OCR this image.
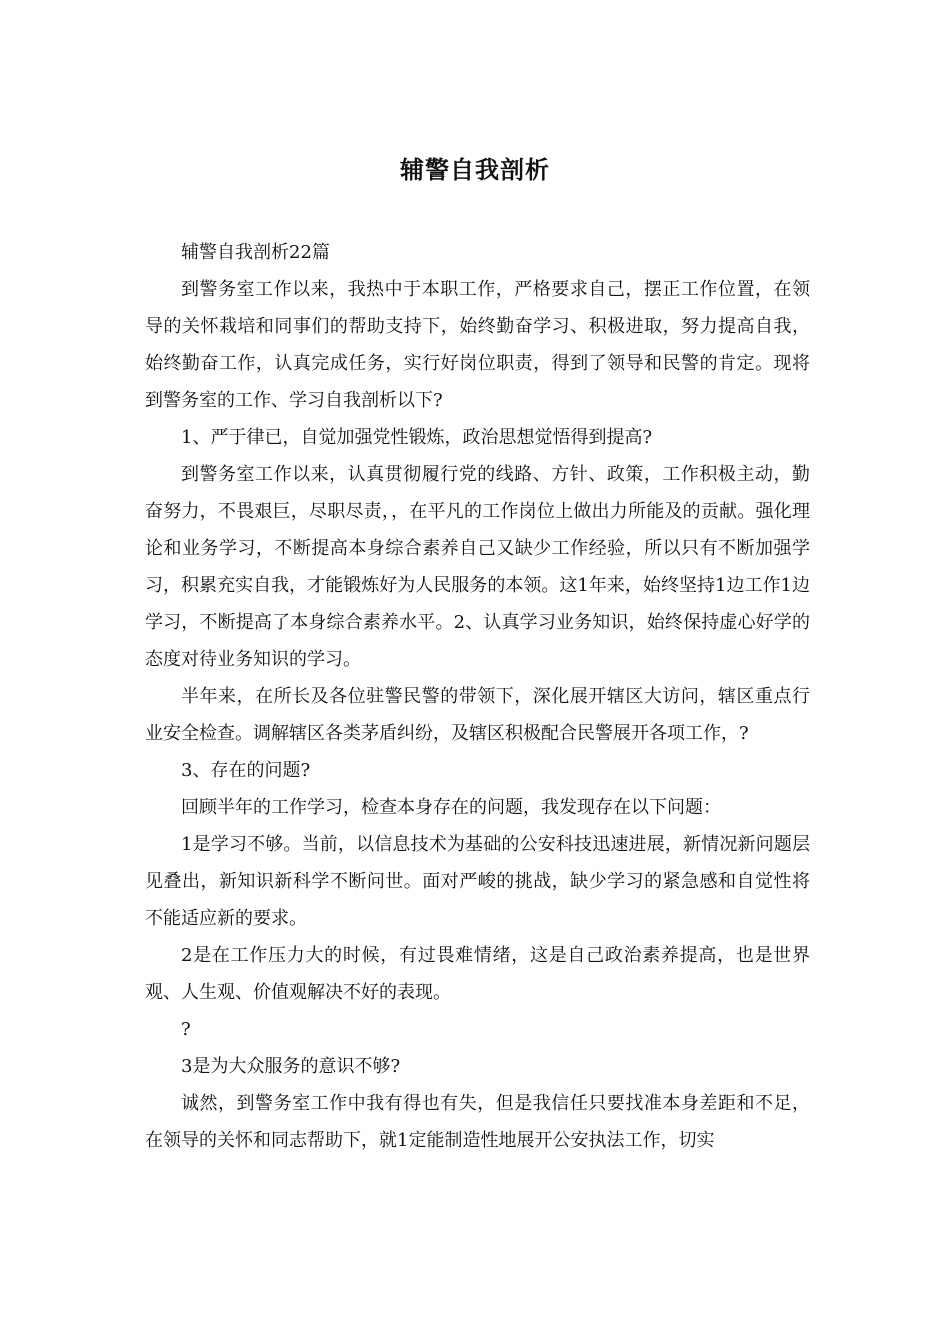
辅警自我剖析

辅警自我剖析22篇

到警务室工作以来，我热中于本职工作，严格要求自己，摆正工作位置，在领导的关怀栽培和同事们的帮助支持下，始终勤奋学习、积极进取，努力提高自我，始终勤奋工作，认真完成任务，实行好岗位职责，得到了领导和民警的肯定。现将到警务室的工作、学习自我剖析以下?

1、严于律已，自觉加强党性锻炼，政治思想觉悟得到提高?

到警务室工作以来，认真贯彻履行党的线路、方针、政策，工作积极主动，勤奋努力，不畏艰巨，尽职尽责，，在平凡的工作岗位上做出力所能及的贡献。强化理论和业务学习，不断提高本身综合素养自己又缺少工作经验，所以只有不断加强学习，积累充实自我，才能锻炼好为人民服务的本领。这1年来，始终坚持1边工作1边学习，不断提高了本身综合素养水平。2、认真学习业务知识，始终保持虚心好学的态度对待业务知识的学习。

半年来，在所长及各位驻警民警的带领下，深化展开辖区大访问，辖区重点行业安全检查。调解辖区各类茅盾纠纷，及辖区积极配合民警展开各项工作，?

3、存在的问题?

回顾半年的工作学习，检查本身存在的问题，我发现存在以下问题：

1是学习不够。当前，以信息技术为基础的公安科技迅速进展，新情况新问题层见叠出，新知识新科学不断问世。面对严峻的挑战，缺少学习的紧急感和自觉性将不能适应新的要求。

2是在工作压力大的时候，有过畏难情绪，这是自己政治素养提高，也是世界观、人生观、价值观解决不好的表现。

?

3是为大众服务的意识不够?

诚然，到警务室工作中我有得也有失，但是我信任只要找准本身差距和不足，在领导的关怀和同志帮助下，就1定能制造性地展开公安执法工作，切实
